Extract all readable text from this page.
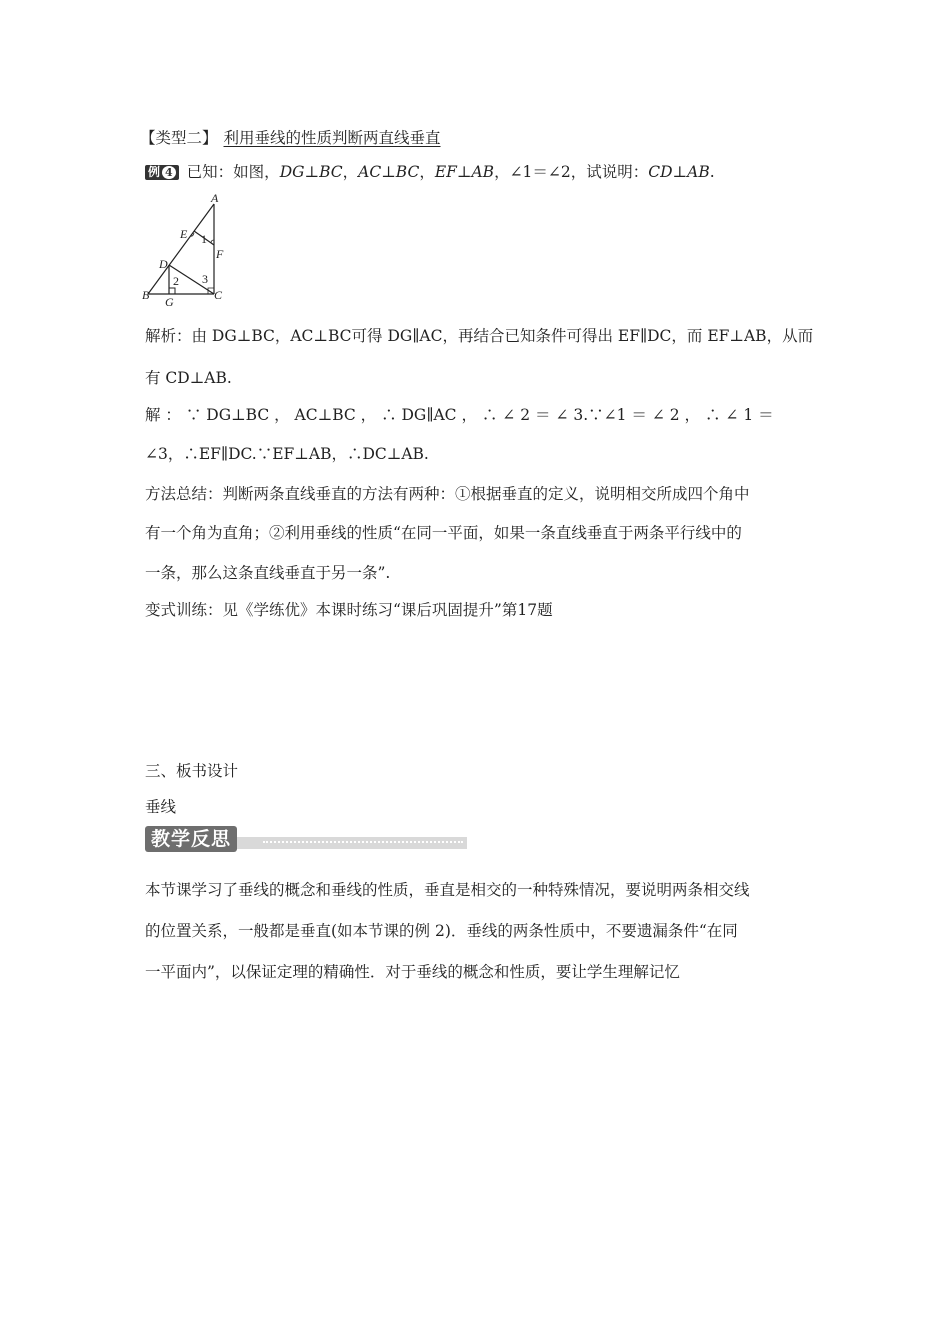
【类型二】 利用垂线的性质判断两直线垂直
例 4 已知：如图，DG⊥BC，AC⊥BC，EF⊥AB，∠1＝∠2，试说明：CD⊥AB.
A
E 1
F
D
2 3
B G	C
解析：由 DG⊥BC，AC⊥BC可得 DG∥AC，再结合已知条件可得出 EF∥DC，而 EF⊥AB，从而
有 CD⊥AB.
解 ： ∵ DG⊥BC ， AC⊥BC ， ∴ DG∥AC ， ∴ ∠ 2 ＝ ∠ 3.∵∠1 ＝ ∠ 2 ， ∴ ∠ 1 ＝
∠3，∴EF∥DC.∵EF⊥AB，∴DC⊥AB.
方法总结：判断两条直线垂直的方法有两种：①根据垂直的定义，说明相交所成四个角中
有一个角为直角；②利用垂线的性质“在同一平面，如果一条直线垂直于两条平行线中的
一条，那么这条直线垂直于另一条”.
变式训练：见《学练优》本课时练习“课后巩固提升”第17题
三、板书设计
垂线
教学反思
本节课学习了垂线的概念和垂线的性质，垂直是相交的一种特殊情况，要说明两条相交线
的位置关系，一般都是垂直(如本节课的例 2)．垂线的两条性质中，不要遗漏条件“在同
一平面内”，以保证定理的精确性．对于垂线的概念和性质，要让学生理解记忆
